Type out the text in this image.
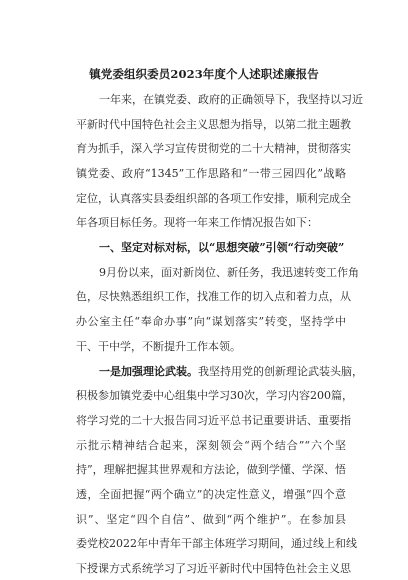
镇党委组织委员2023年度个人述职述廉报告
一年来，在镇党委、政府的正确领导下，我坚持以习近
平新时代中国特色社会主义思想为指导，以第二批主题教
育为抓手，深入学习宣传贯彻党的二十大精神，贯彻落实
镇党委、政府“1345”工作思路和“一带三园四化”战略
定位，认真落实县委组织部的各项工作安排，顺利完成全
年各项目标任务。现将一年来工作情况报告如下：
一、坚定对标对标，以“思想突破”引领“行动突破”
9月份以来，面对新岗位、新任务，我迅速转变工作角
色，尽快熟悉组织工作，找准工作的切入点和着力点，从
办公室主任“奉命办事”向“谋划落实”转变，坚持学中
干、干中学，不断提升工作本领。
一是加强理论武装。我坚持用党的创新理论武装头脑，
积极参加镇党委中心组集中学习30次，学习内容200篇，
将学习党的二十大报告同习近平总书记重要讲话、重要指
示批示精神结合起来，深刻领会“两个结合”“六个坚
持”，理解把握其世界观和方法论，做到学懂、学深、悟
透，全面把握“两个确立”的决定性意义，增强“四个意
识”、坚定“四个自信”、做到“两个维护”。在参加县
委党校2022年中青年干部主体班学习期间，通过线上和线
下授课方式系统学习了习近平新时代中国特色社会主义思
